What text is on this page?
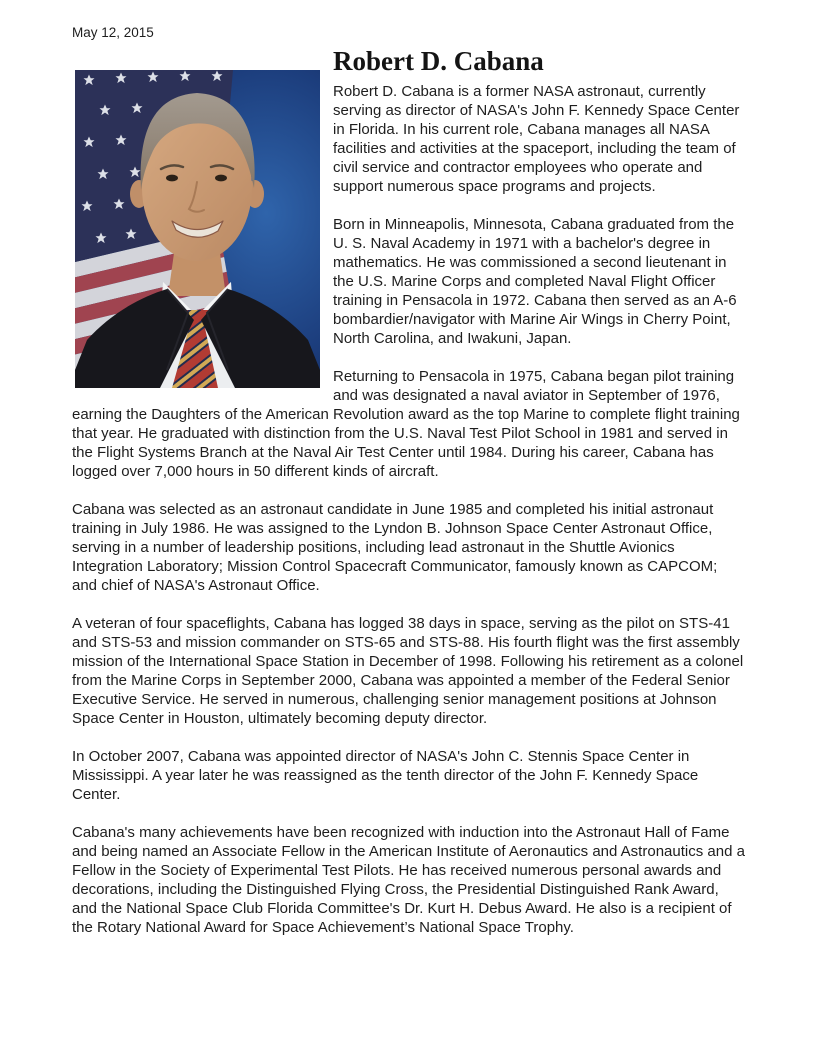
May 12, 2015
Robert D. Cabana

Robert D. Cabana is a former NASA astronaut, currently serving as director of NASA's John F. Kennedy Space Center in Florida. In his current role, Cabana manages all NASA facilities and activities at the spaceport, including the team of civil service and contractor employees who operate and support numerous space programs and projects.

Born in Minneapolis, Minnesota, Cabana graduated from the U. S. Naval Academy in 1971 with a bachelor's degree in mathematics. He was commissioned a second lieutenant in the U.S. Marine Corps and completed Naval Flight Officer training in Pensacola in 1972. Cabana then served as an A-6 bombardier/navigator with Marine Air Wings in Cherry Point, North Carolina, and Iwakuni, Japan.

Returning to Pensacola in 1975, Cabana began pilot training and was designated a naval aviator in September of 1976, earning the Daughters of the American Revolution award as the top Marine to complete flight training that year. He graduated with distinction from the U.S. Naval Test Pilot School in 1981 and served in the Flight Systems Branch at the Naval Air Test Center until 1984. During his career, Cabana has logged over 7,000 hours in 50 different kinds of aircraft.

Cabana was selected as an astronaut candidate in June 1985 and completed his initial astronaut training in July 1986. He was assigned to the Lyndon B. Johnson Space Center Astronaut Office, serving in a number of leadership positions, including lead astronaut in the Shuttle Avionics Integration Laboratory; Mission Control Spacecraft Communicator, famously known as CAPCOM; and chief of NASA's Astronaut Office.

A veteran of four spaceflights, Cabana has logged 38 days in space, serving as the pilot on STS-41 and STS-53 and mission commander on STS-65 and STS-88. His fourth flight was the first assembly mission of the International Space Station in December of 1998. Following his retirement as a colonel from the Marine Corps in September 2000, Cabana was appointed a member of the Federal Senior Executive Service. He served in numerous, challenging senior management positions at Johnson Space Center in Houston, ultimately becoming deputy director.

In October 2007, Cabana was appointed director of NASA's John C. Stennis Space Center in Mississippi. A year later he was reassigned as the tenth director of the John F. Kennedy Space Center.

Cabana's many achievements have been recognized with induction into the Astronaut Hall of Fame and being named an Associate Fellow in the American Institute of Aeronautics and Astronautics and a Fellow in the Society of Experimental Test Pilots. He has received numerous personal awards and decorations, including the Distinguished Flying Cross, the Presidential Distinguished Rank Award, and the National Space Club Florida Committee's Dr. Kurt H. Debus Award. He also is a recipient of the Rotary National Award for Space Achievement’s National Space Trophy.
